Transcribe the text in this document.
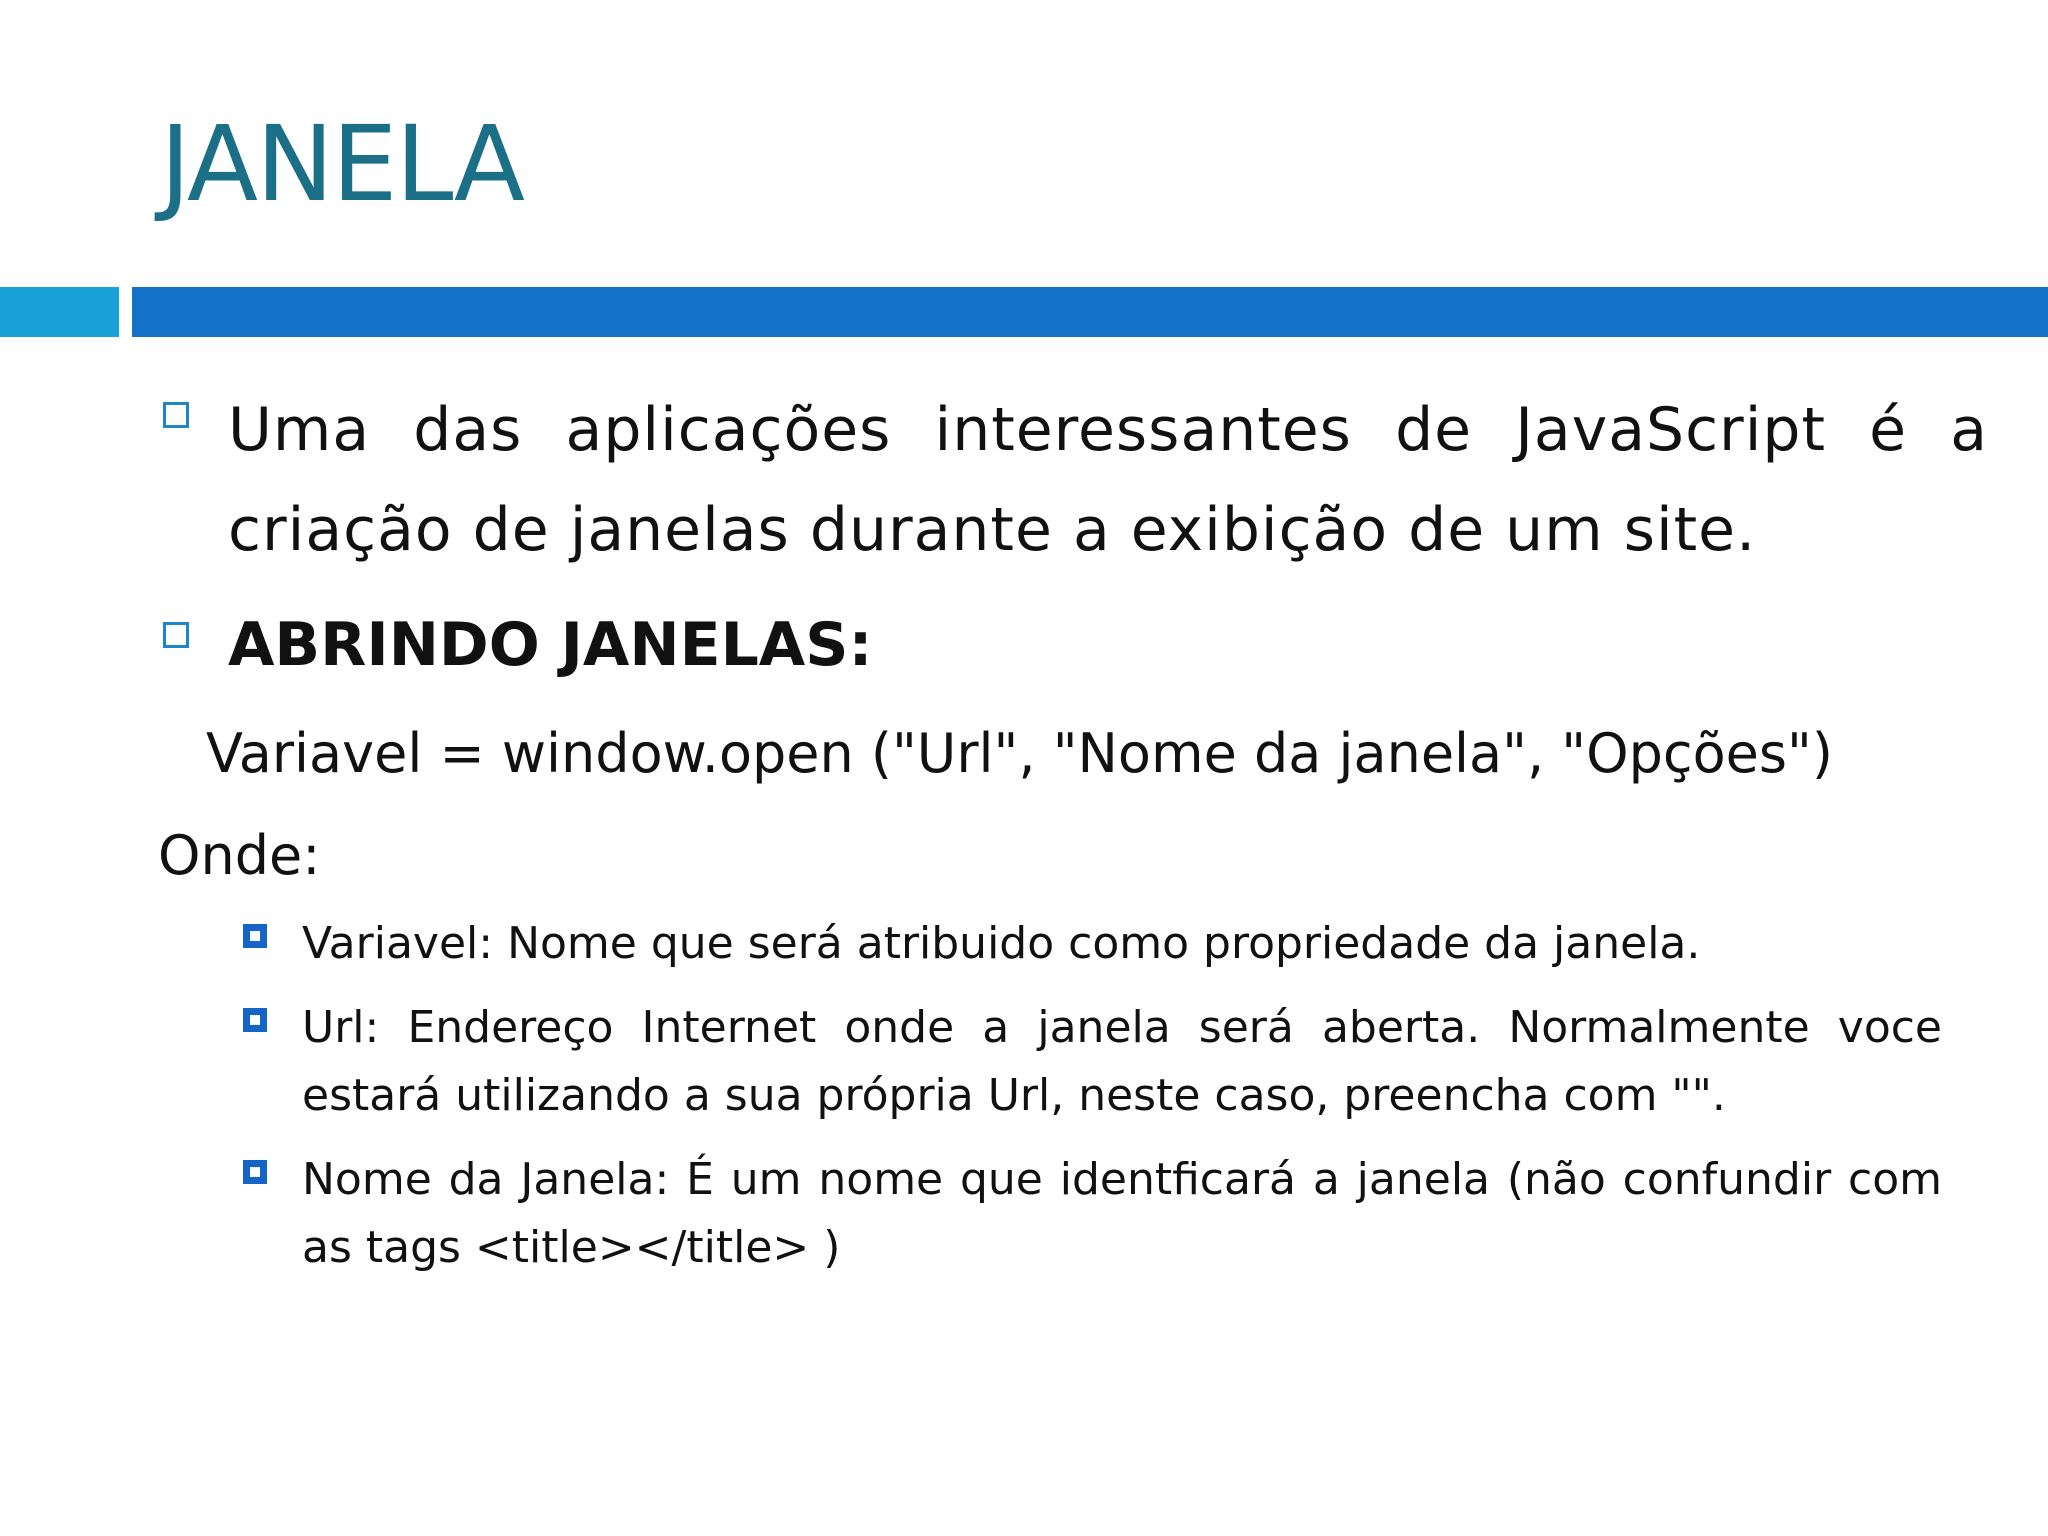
JANELA
Uma das aplicações interessantes de JavaScript é a criação de janelas durante a exibição de um site.
ABRINDO JANELAS:
Variavel = window.open ("Url", "Nome da janela", "Opções")
Onde:
Variavel: Nome que será atribuido como propriedade da janela.
Url: Endereço Internet onde a janela será aberta. Normalmente voce estará utilizando a sua própria Url, neste caso, preencha com "".
Nome da Janela: É um nome que identficará a janela (não confundir com as tags <title></title> )
